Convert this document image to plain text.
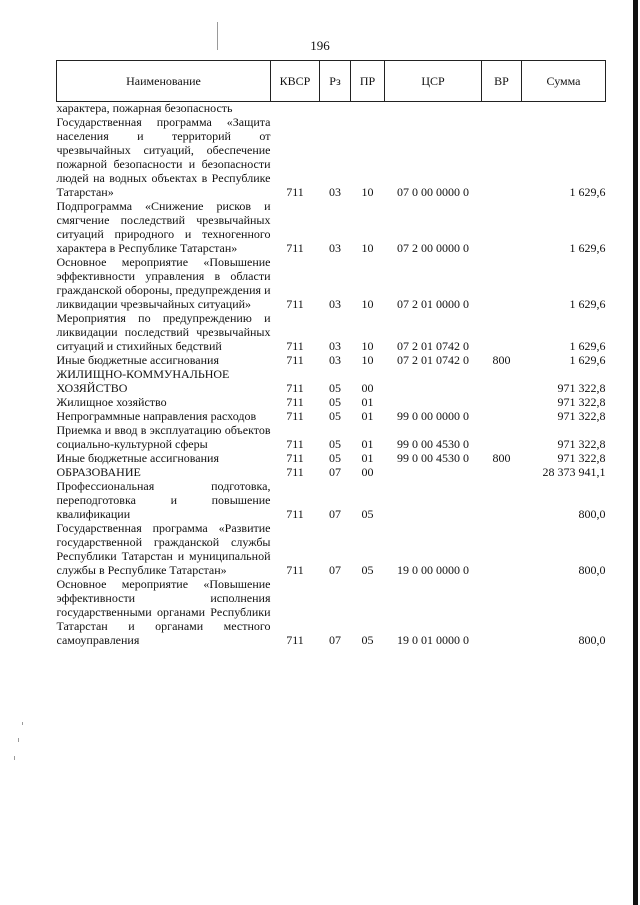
196
Наименование	КВСР	Рз	ПР	ЦСР	ВР	Сумма
характера, пожарная безопасность						
Государственная программа «Защита населения и территорий от чрезвычайных ситуаций, обеспечение пожарной безопасности и безопасности людей на водных объектах в Республике Татарстан»	711	03	10	07 0 00 0000 0		1 629,6
Подпрограмма «Снижение рисков и смягчение последствий чрезвычайных ситуаций природного и техногенного характера в Республике Татарстан»	711	03	10	07 2 00 0000 0		1 629,6
Основное мероприятие «Повышение эффективности управления в области гражданской обороны, предупреждения и ликвидации чрезвычайных ситуаций»	711	03	10	07 2 01 0000 0		1 629,6
Мероприятия по предупреждению и ликвидации последствий чрезвычайных ситуаций и стихийных бедствий	711	03	10	07 2 01 0742 0		1 629,6
Иные бюджетные ассигнования	711	03	10	07 2 01 0742 0	800	1 629,6
ЖИЛИЩНО-КОММУНАЛЬНОЕ ХОЗЯЙСТВО	711	05	00			971 322,8
Жилищное хозяйство	711	05	01			971 322,8
Непрограммные направления расходов	711	05	01	99 0 00 0000 0		971 322,8
Приемка и ввод в эксплуатацию объектов социально-культурной сферы	711	05	01	99 0 00 4530 0		971 322,8
Иные бюджетные ассигнования	711	05	01	99 0 00 4530 0	800	971 322,8
ОБРАЗОВАНИЕ	711	07	00			28 373 941,1
Профессиональная подготовка, переподготовка и повышение квалификации	711	07	05			800,0
Государственная программа «Развитие государственной гражданской службы Республики Татарстан и муниципальной службы в Республике Татарстан»	711	07	05	19 0 00 0000 0		800,0
Основное мероприятие «Повышение эффективности исполнения государственными органами Республики Татарстан и органами местного самоуправления	711	07	05	19 0 01 0000 0		800,0
